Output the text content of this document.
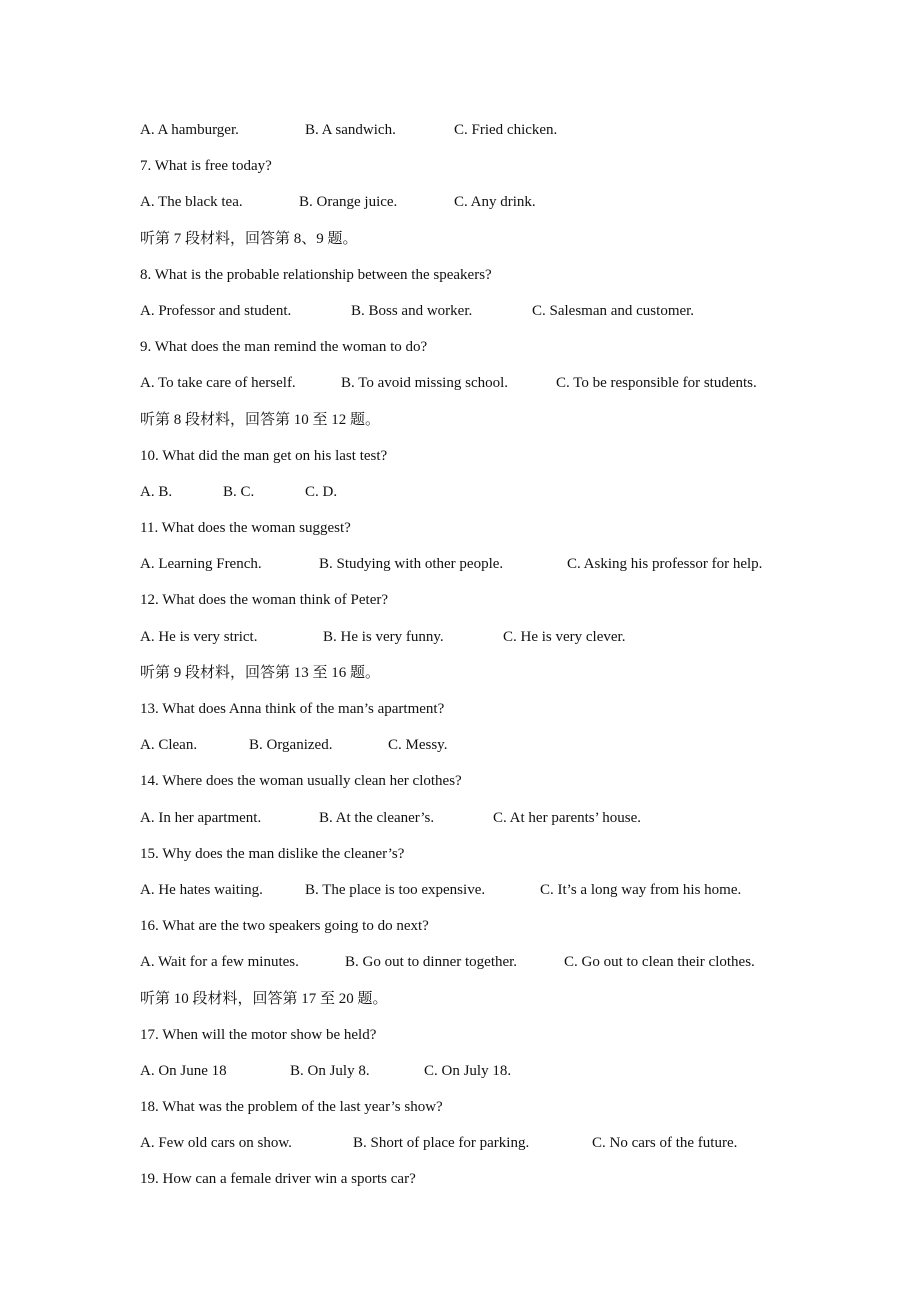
A. A hamburger.	B. A sandwich.	C. Fried chicken.
7. What is free today?
A. The black tea.	B. Orange juice.	C. Any drink.
听第 7 段材料，回答第 8、9 题。
8. What is the probable relationship between the speakers?
A. Professor and student.	B. Boss and worker.	C. Salesman and customer.
9. What does the man remind the woman to do?
A. To take care of herself.	B. To avoid missing school.	C. To be responsible for students.
听第 8 段材料，回答第 10 至 12 题。
10. What did the man get on his last test?
A. B.	B. C.	C. D.
11. What does the woman suggest?
A. Learning French.	B. Studying with other people.	C. Asking his professor for help.
12. What does the woman think of Peter?
A. He is very strict.	B. He is very funny.	C. He is very clever.
听第 9 段材料，回答第 13 至 16 题。
13. What does Anna think of the man’s apartment?
A. Clean.	B. Organized.	C. Messy.
14. Where does the woman usually clean her clothes?
A. In her apartment.	B. At the cleaner’s.	C. At her parents’ house.
15. Why does the man dislike the cleaner’s?
A. He hates waiting.	B. The place is too expensive.	C. It’s a long way from his home.
16. What are the two speakers going to do next?
A. Wait for a few minutes.	B. Go out to dinner together.	C. Go out to clean their clothes.
听第 10 段材料，回答第 17 至 20 题。
17. When will the motor show be held?
A. On June 18	B. On July 8.	C. On July 18.
18. What was the problem of the last year’s show?
A. Few old cars on show.	B. Short of place for parking.	C. No cars of the future.
19. How can a female driver win a sports car?
